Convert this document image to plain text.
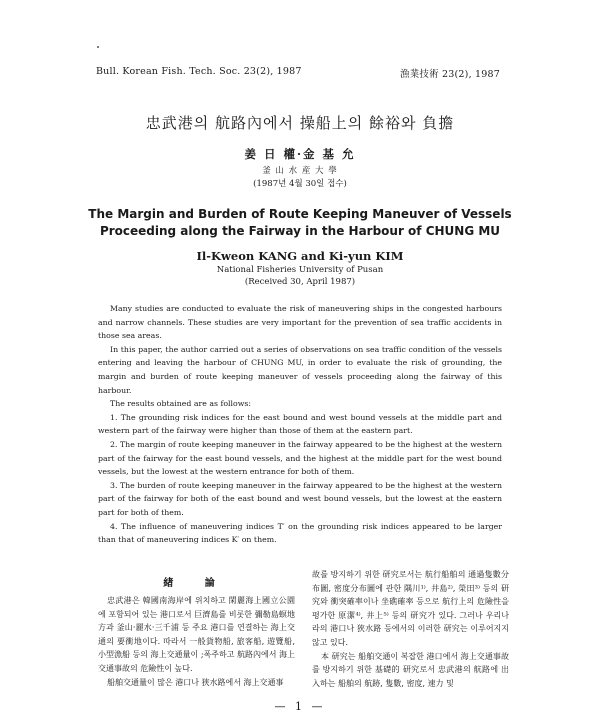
Bull. Korean Fish. Tech. Soc. 23(2), 1987	漁業技術 23(2), 1987
忠武港의 航路內에서 操船上의 餘裕와 負擔
姜 日 權·金 基 允
釜 山 水 産 大 學
(1987년 4월 30일 접수)
The Margin and Burden of Route Keeping Maneuver of Vessels
Proceeding along the Fairway in the Harbour of CHUNG MU
Il-Kweon KANG and Ki-yun KIM
National Fisheries University of Pusan
(Received 30, April 1987)

Many studies are conducted to evaluate the risk of maneuvering ships in the congested harbours and narrow channels. These studies are very important for the prevention of sea traffic accidents in those sea areas.

In this paper, the author carried out a series of observations on sea traffic condition of the vessels entering and leaving the harbour of CHUNG MU, in order to evaluate the risk of grounding, the margin and burden of route keeping maneuver of vessels proceeding along the fairway of this harbour.

The results obtained are as follows:

1. The grounding risk indices for the east bound and west bound vessels at the middle part and western part of the fairway were higher than those of them at the eastern part.

2. The margin of route keeping maneuver in the fairway appeared to be the highest at the western part of the fairway for the east bound vessels, and the highest at the middle part for the west bound vessels, but the lowest at the western entrance for both of them.

3. The burden of route keeping maneuver in the fairway appeared to be the highest at the western part of the fairway for both of the east bound and west bound vessels, but the lowest at the eastern part for both of them.

4. The influence of maneuvering indices T′ on the grounding risk indices appeared to be larger than that of maneuvering indices K′ on them.

緖 論

忠武港은 韓國南海岸에 위치하고 閑麗海上國立公園에 포함되어 있는 港口로서 巨濟島를 비롯한 彌勒島螟地方과 釜山·麗水·三千浦 등 주요 港口를 연결하는 海上交通의 要衝地이다. 따라서 一般貨物船, 旅客船, 遊覽船, 小型漁船 등의 海上交通量이 ;폭주하고 航路內에서 海上交通事故의 危險性이 높다.

船舶交通量이 많은 港口나 狹水路에서 海上交通事

故를 방지하기 위한 研究로서는 航行船舶의 通過隻數分布圖, 密度分布圖에 관한 隅川¹⁾, 井島²⁾, 榮田³⁾ 등의 研究와 衝突確率이나 坐礁確率 등으로 航行上의 危險性을 평가한 原潔⁴⁾, 井上⁵⁾ 등의 研究가 있다. 그러나 우리나라의 港口나 狹水路 등에서의 이러한 研究는 이루어지지 않고 있다.

本 研究는 船舶交通이 복잡한 港口에서 海上交通事故를 방지하기 위한 基礎的 研究로서 忠武港의 航路에 出入하는 船舶의 航跡, 隻數, 密度, 速力 및

— 1 —
